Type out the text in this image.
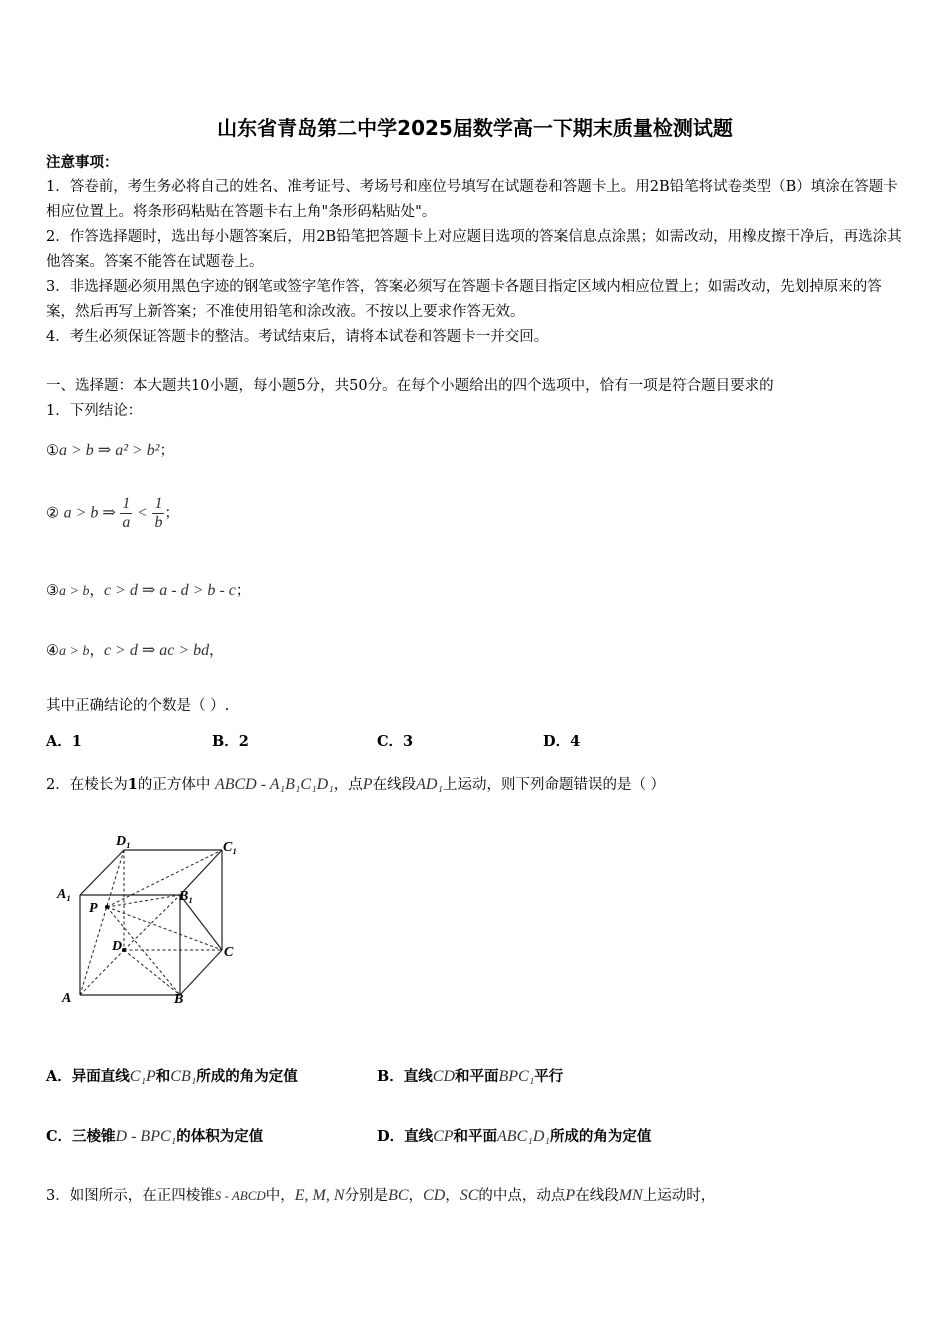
山东省青岛第二中学2025届数学高一下期末质量检测试题
注意事项：
1．答卷前，考生务必将自己的姓名、准考证号、考场号和座位号填写在试题卷和答题卡上。用2B铅笔将试卷类型（B）填涂在答题卡相应位置上。将条形码粘贴在答题卡右上角"条形码粘贴处"。
2．作答选择题时，选出每小题答案后，用2B铅笔把答题卡上对应题目选项的答案信息点涂黑；如需改动，用橡皮擦干净后，再选涂其他答案。答案不能答在试题卷上。
3．非选择题必须用黑色字迹的钢笔或签字笔作答，答案必须写在答题卡各题目指定区域内相应位置上；如需改动，先划掉原来的答案，然后再写上新答案；不准使用铅笔和涂改液。不按以上要求作答无效。
4．考生必须保证答题卡的整洁。考试结束后，请将本试卷和答题卡一并交回。
一、选择题：本大题共10小题，每小题5分，共50分。在每个小题给出的四个选项中，恰有一项是符合题目要求的
1．下列结论：
①a > b ⇒ a² > b²；
② a > b ⇒ $\frac{1}{a} < \frac{1}{b}$ ；
③a > b，c > d ⇒ a - d > b - c；
④a > b，c > d ⇒ ac > bd，
其中正确结论的个数是（ ）.
A．1	B．2	C．3	D．4
2．在棱长为1的正方体中 ABCD - A₁B₁C₁D₁，点P在线段AD₁上运动，则下列命题错误的是（ ）
D₁	C₁
A₁	B₁
P
D	C
A	B
A．异面直线C₁P和CB₁所成的角为定值	B．直线CD和平面BPC₁平行
C．三棱锥D - BPC₁的体积为定值	D．直线CP和平面ABC₁D₁所成的角为定值
3．如图所示，在正四棱锥S - ABCD中，E, M, N分别是BC，CD，SC的中点，动点P在线段MN上运动时，
